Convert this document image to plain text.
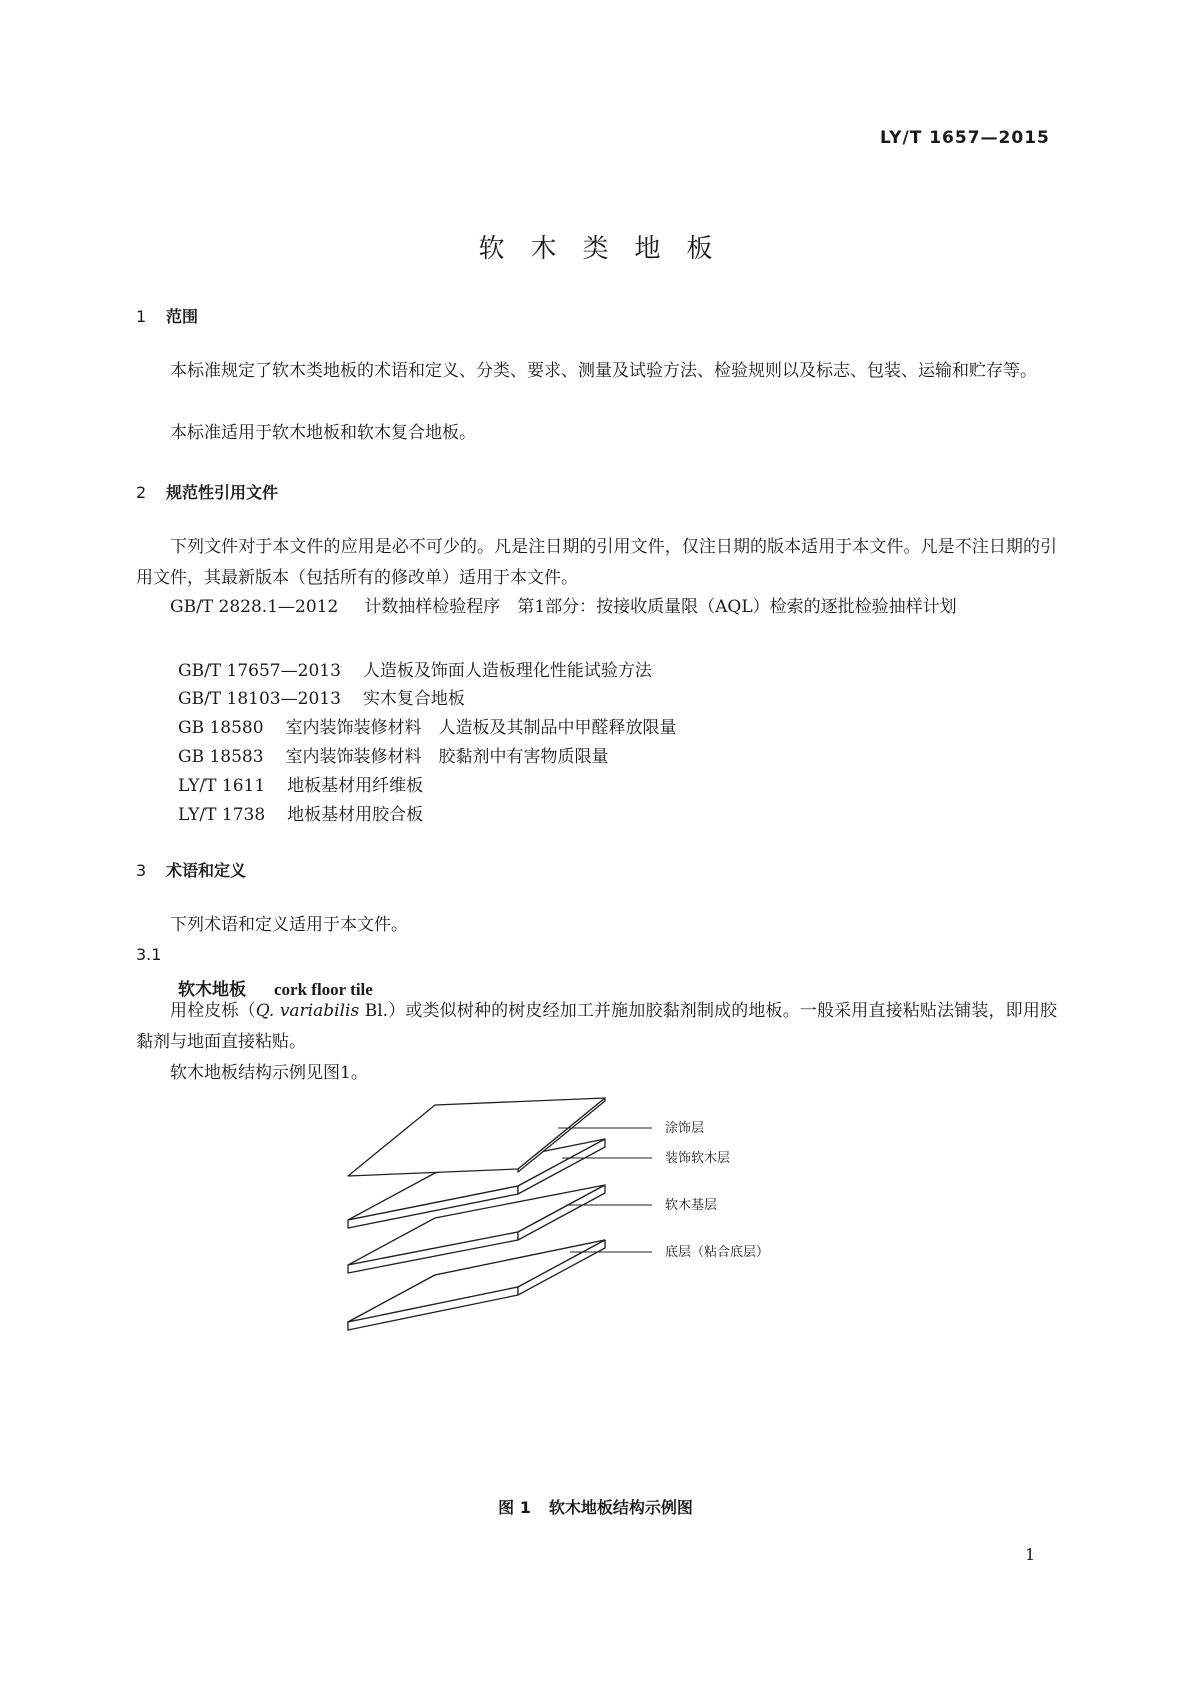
LY/T 1657—2015
软木类地板
1 范围

本标准规定了软木类地板的术语和定义、分类、要求、测量及试验方法、检验规则以及标志、包装、运输和贮存等。

本标准适用于软木地板和软木复合地板。

2 规范性引用文件

下列文件对于本文件的应用是必不可少的。凡是注日期的引用文件，仅注日期的版本适用于本文件。凡是不注日期的引用文件，其最新版本（包括所有的修改单）适用于本文件。

GB/T 2828.1—2012 计数抽样检验程序　第1部分：按接收质量限（AQL）检索的逐批检验抽样计划

GB/T 17657—2013 人造板及饰面人造板理化性能试验方法
GB/T 18103—2013 实木复合地板
GB 18580 室内装饰装修材料　人造板及其制品中甲醛释放限量
GB 18583 室内装饰装修材料　胶黏剂中有害物质限量
LY/T 1611 地板基材用纤维板
LY/T 1738 地板基材用胶合板
3 术语和定义

下列术语和定义适用于本文件。

3.1
软木地板 cork floor tile

用栓皮栎（Q. variabilis Bl.）或类似树种的树皮经加工并施加胶黏剂制成的地板。一般采用直接粘贴法铺装，即用胶黏剂与地面直接粘贴。

软木地板结构示例见图1。

涂饰层
装饰软木层
软木基层
底层（粘合底层）
图 1 软木地板结构示例图
1
